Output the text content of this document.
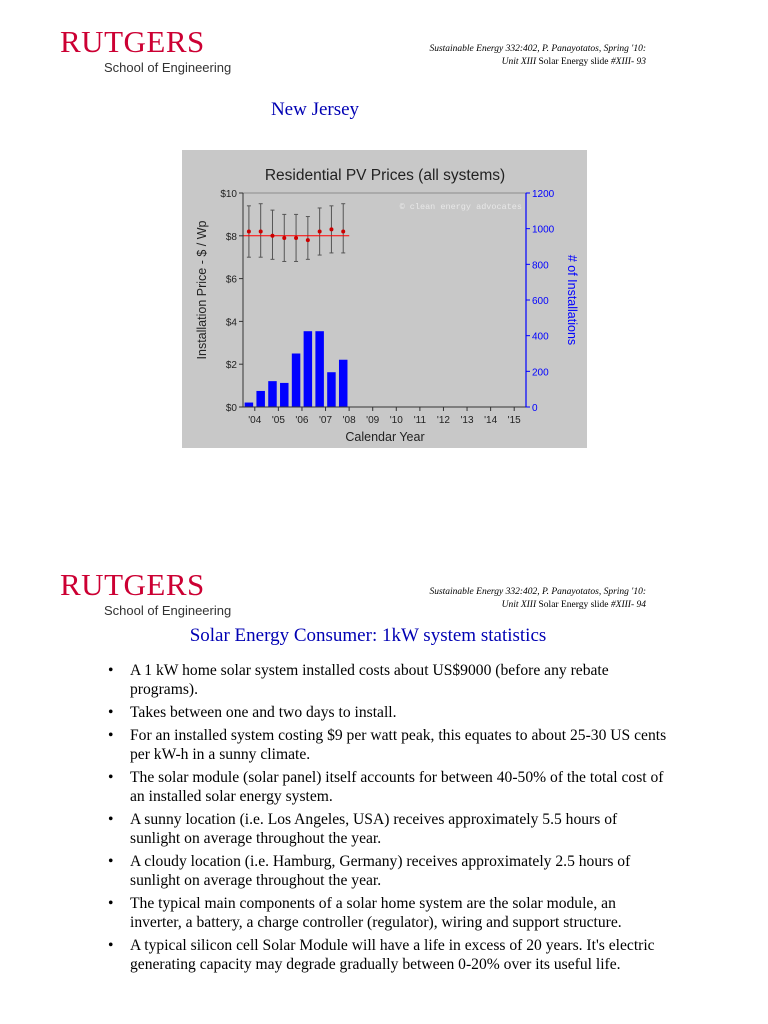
RUTGERS
School of Engineering
Sustainable Energy 332:402, P. Panayotatos, Spring '10:
Unit XIII Solar Energy slide #XIII- 93
New Jersey
Residential PV Prices (all systems)
© clean energy advocates
$0
$2
$4
$6
$8
$10
0
200
400
600
800
1000
1200
'04 '05 '06 '07 '08 '09 '10 '11 '12 '13 '14 '15
Calendar Year
Installation Price - $ / Wp	# of Installations
RUTGERS
School of Engineering
Sustainable Energy 332:402, P. Panayotatos, Spring '10:
Unit XIII Solar Energy slide #XIII- 94
Solar Energy Consumer: 1kW system statistics
• A 1 kW home solar system installed costs about US$9000 (before any rebate programs).
• Takes between one and two days to install.
• For an installed system costing $9 per watt peak, this equates to about 25-30 US cents per kW-h in a sunny climate.
• The solar module (solar panel) itself accounts for between 40-50% of the total cost of an installed solar energy system.
• A sunny location (i.e. Los Angeles, USA) receives approximately 5.5 hours of sunlight on average throughout the year.
• A cloudy location (i.e. Hamburg, Germany) receives approximately 2.5 hours of sunlight on average throughout the year.
• The typical main components of a solar home system are the solar module, an inverter, a battery, a charge controller (regulator), wiring and support structure.
• A typical silicon cell Solar Module will have a life in excess of 20 years. It's electric generating capacity may degrade gradually between 0-20% over its useful life.
